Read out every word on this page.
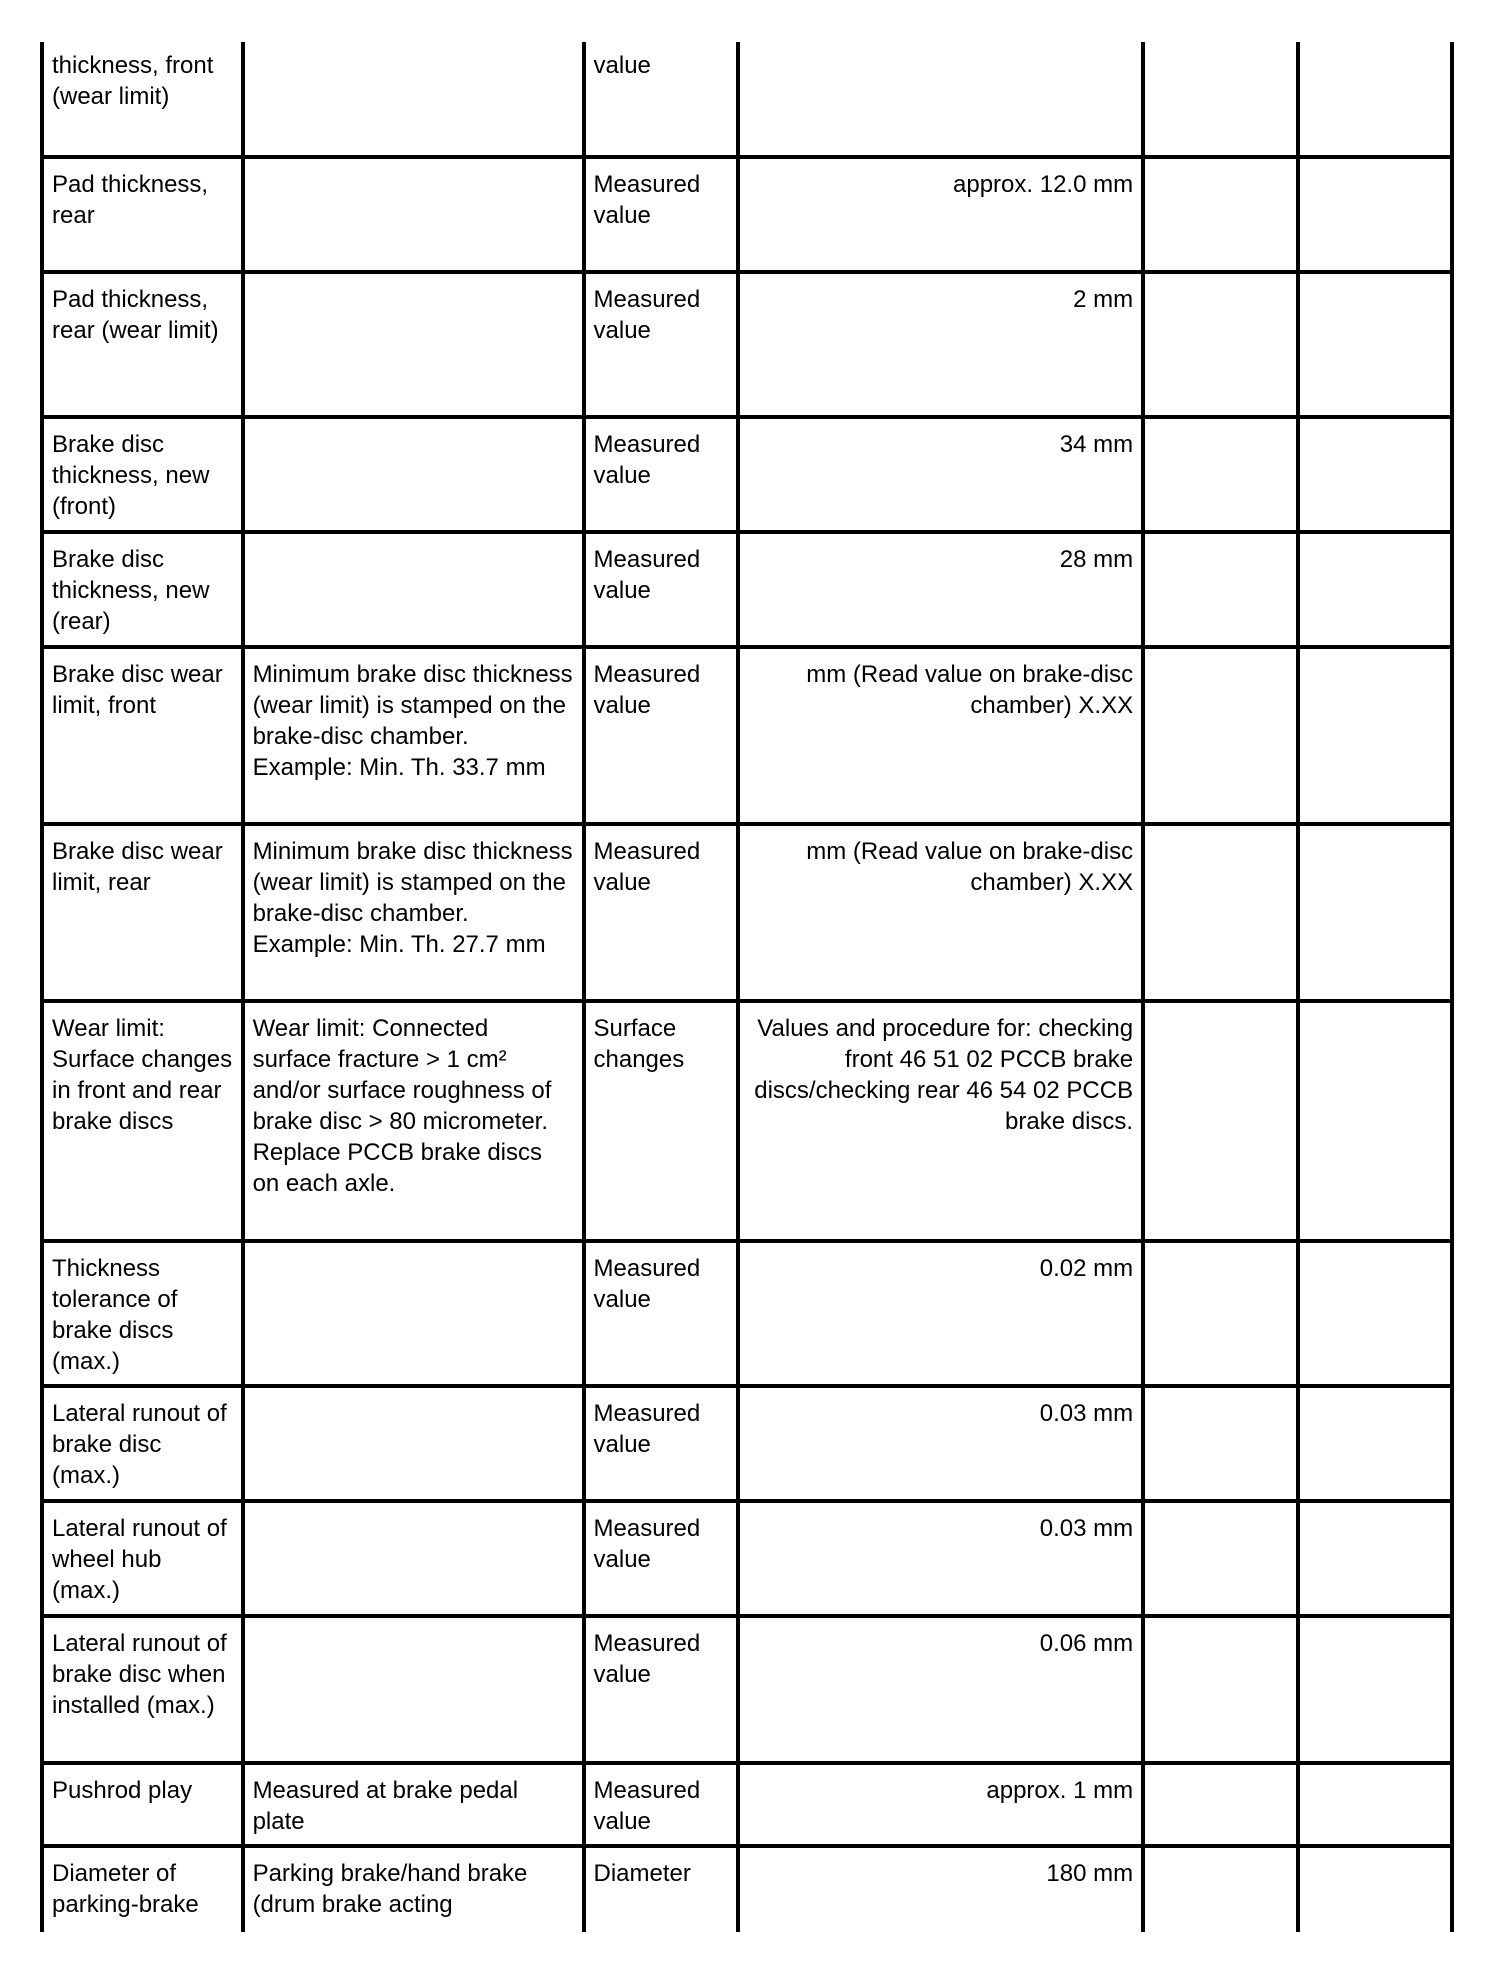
thickness, front (wear limit)		value			
Pad thickness, rear		Measured value	approx. 12.0 mm		
Pad thickness, rear (wear limit)		Measured value	2 mm		
Brake disc thickness, new (front)		Measured value	34 mm		
Brake disc thickness, new (rear)		Measured value	28 mm		
Brake disc wear limit, front	Minimum brake disc thickness (wear limit) is stamped on the brake-disc chamber. Example: Min. Th. 33.7 mm	Measured value	mm (Read value on brake-disc chamber) X.XX		
Brake disc wear limit, rear	Minimum brake disc thickness (wear limit) is stamped on the brake-disc chamber. Example: Min. Th. 27.7 mm	Measured value	mm (Read value on brake-disc chamber) X.XX		
Wear limit: Surface changes in front and rear brake discs	Wear limit: Connected surface fracture > 1 cm² and/or surface roughness of brake disc > 80 micrometer. Replace PCCB brake discs on each axle.	Surface changes	Values and procedure for: checking front 46 51 02 PCCB brake discs/checking rear 46 54 02 PCCB brake discs.		
Thickness tolerance of brake discs (max.)		Measured value	0.02 mm		
Lateral runout of brake disc (max.)		Measured value	0.03 mm		
Lateral runout of wheel hub (max.)		Measured value	0.03 mm		
Lateral runout of brake disc when installed (max.)		Measured value	0.06 mm		
Pushrod play	Measured at brake pedal plate	Measured value	approx. 1 mm		
Diameter of parking-brake	Parking brake/hand brake (drum brake acting	Diameter	180 mm		
